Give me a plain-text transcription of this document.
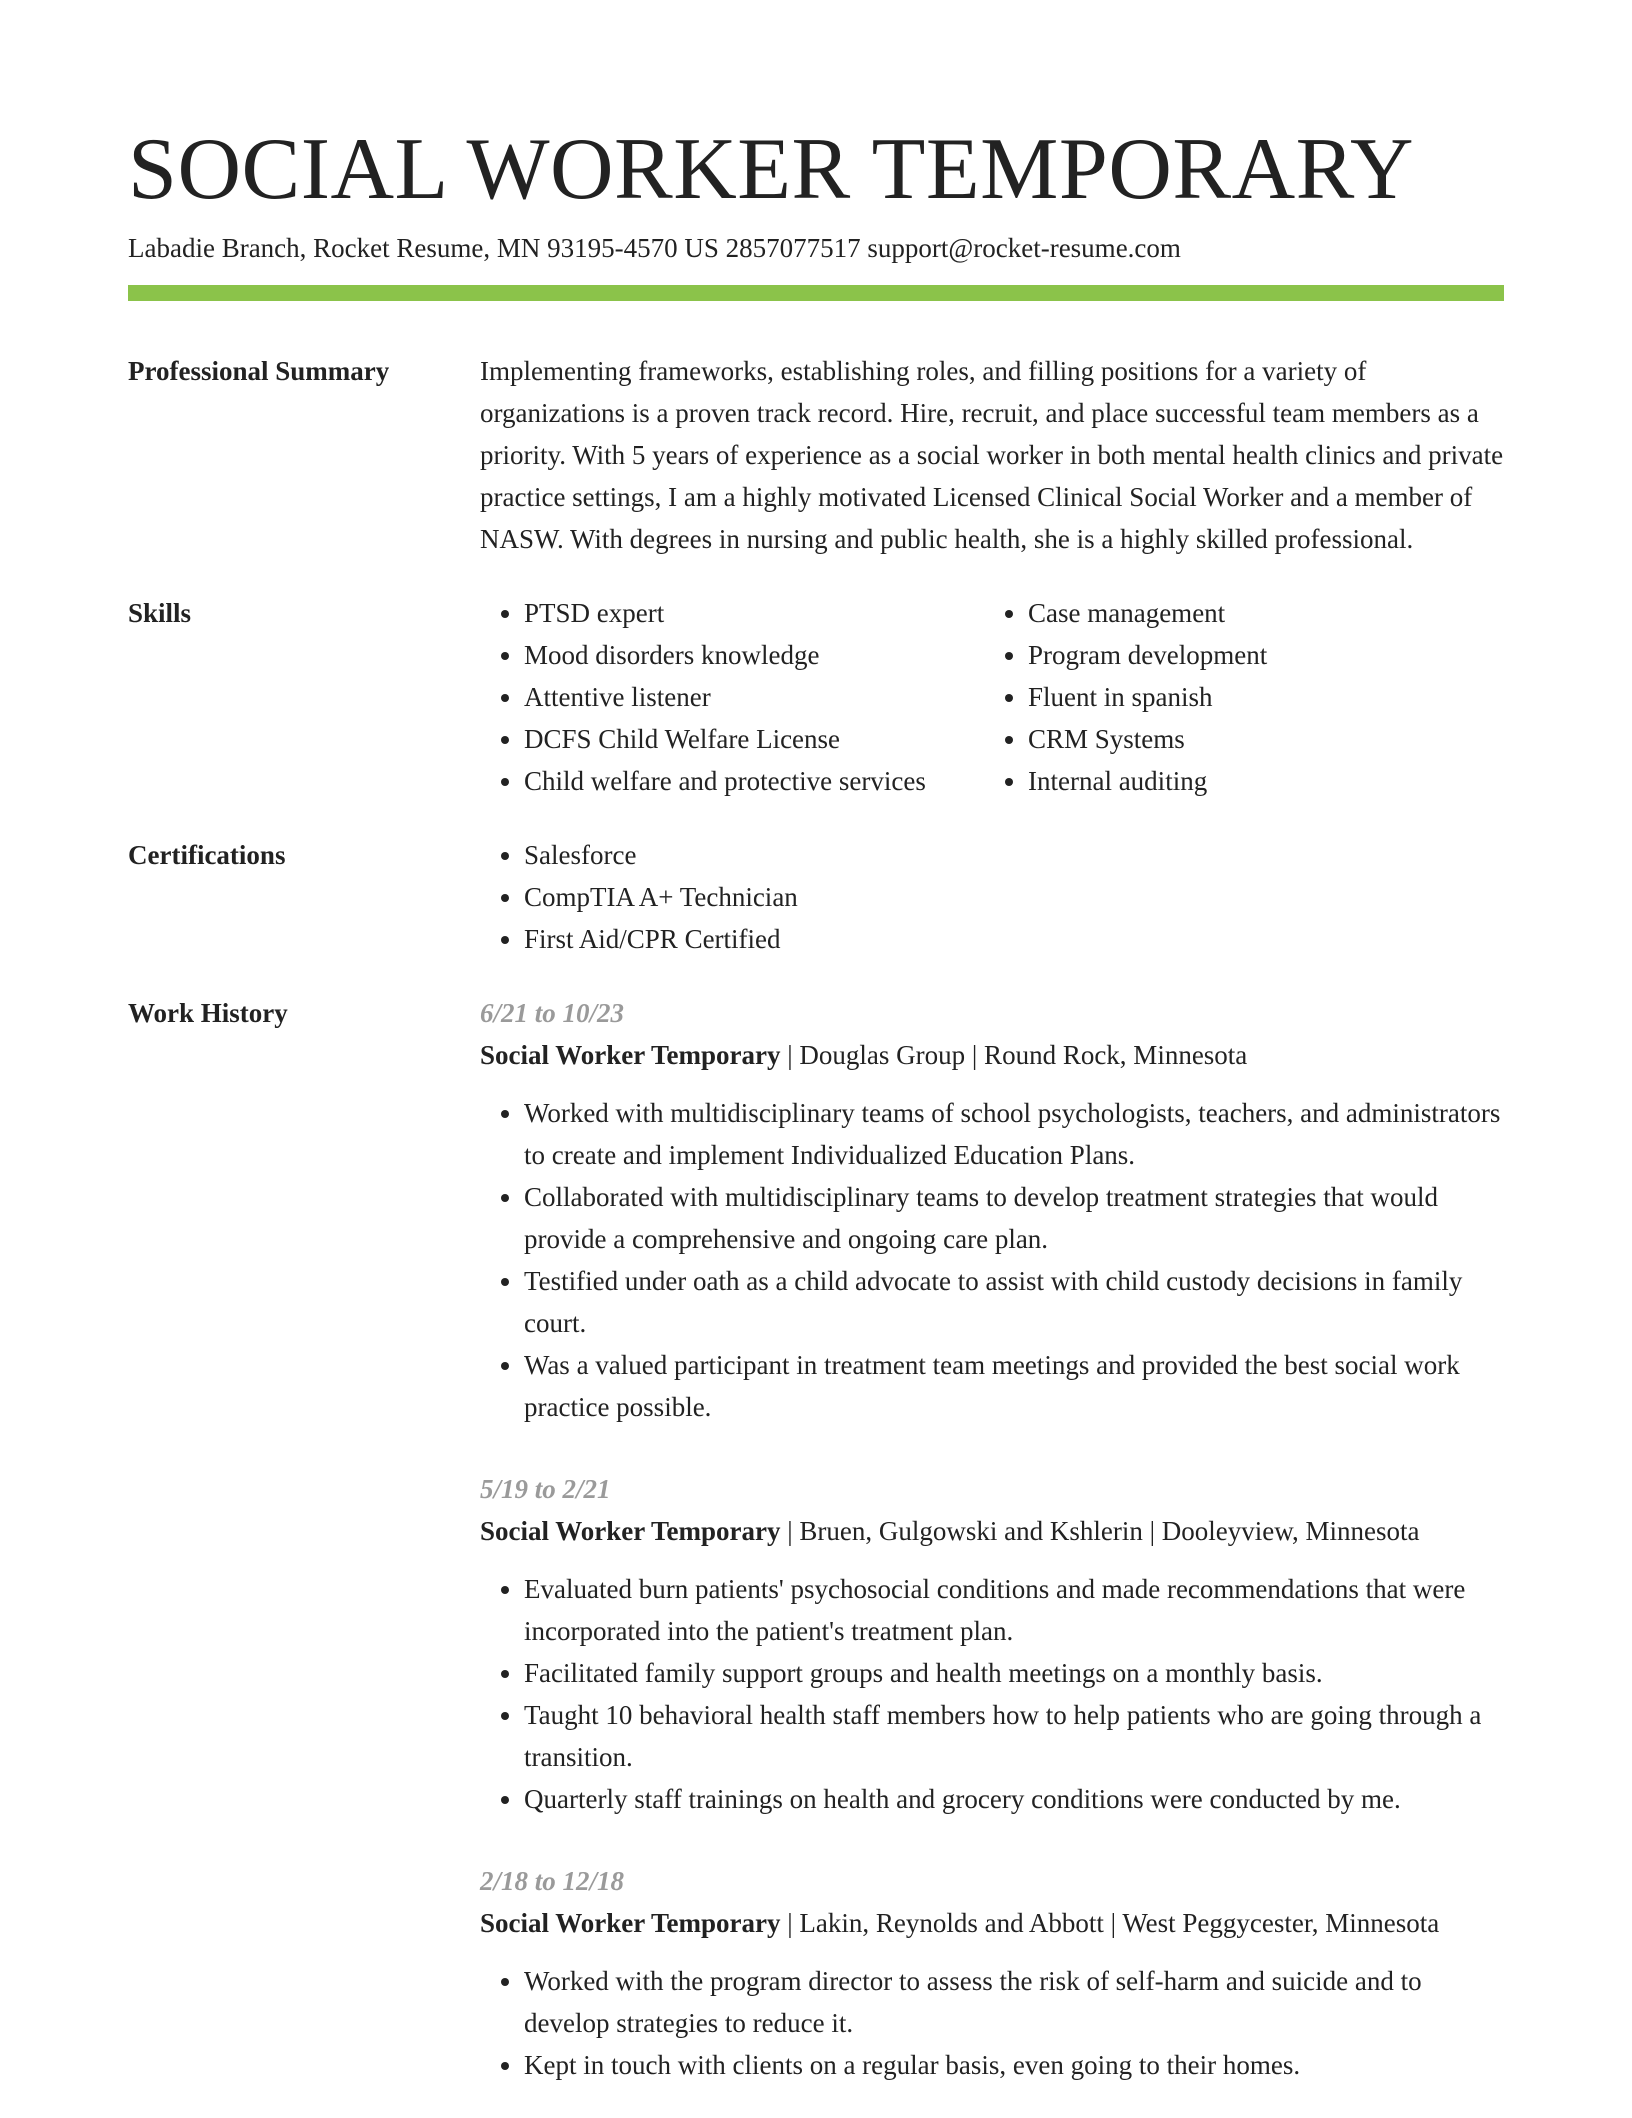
SOCIAL WORKER TEMPORARY
Labadie Branch, Rocket Resume, MN 93195-4570 US 2857077517 support@rocket-resume.com
Professional Summary	Implementing frameworks, establishing roles, and filling positions for a variety of organizations is a proven track record. Hire, recruit, and place successful team members as a priority. With 5 years of experience as a social worker in both mental health clinics and private practice settings, I am a highly motivated Licensed Clinical Social Worker and a member of NASW. With degrees in nursing and public health, she is a highly skilled professional.

Skills	• PTSD expert
• Mood disorders knowledge
• Attentive listener
• DCFS Child Welfare License
• Child welfare and protective services
• Case management
• Program development
• Fluent in spanish
• CRM Systems
• Internal auditing
Certifications	• Salesforce
• CompTIA A+ Technician
• First Aid/CPR Certified
Work History	6/21 to 10/23
Social Worker Temporary | Douglas Group | Round Rock, Minnesota
• Worked with multidisciplinary teams of school psychologists, teachers, and administrators to create and implement Individualized Education Plans.
• Collaborated with multidisciplinary teams to develop treatment strategies that would provide a comprehensive and ongoing care plan.
• Testified under oath as a child advocate to assist with child custody decisions in family court.
• Was a valued participant in treatment team meetings and provided the best social work practice possible.
5/19 to 2/21
Social Worker Temporary | Bruen, Gulgowski and Kshlerin | Dooleyview, Minnesota
• Evaluated burn patients' psychosocial conditions and made recommendations that were incorporated into the patient's treatment plan.
• Facilitated family support groups and health meetings on a monthly basis.
• Taught 10 behavioral health staff members how to help patients who are going through a transition.
• Quarterly staff trainings on health and grocery conditions were conducted by me.
2/18 to 12/18
Social Worker Temporary | Lakin, Reynolds and Abbott | West Peggycester, Minnesota
• Worked with the program director to assess the risk of self-harm and suicide and to develop strategies to reduce it.
• Kept in touch with clients on a regular basis, even going to their homes.
